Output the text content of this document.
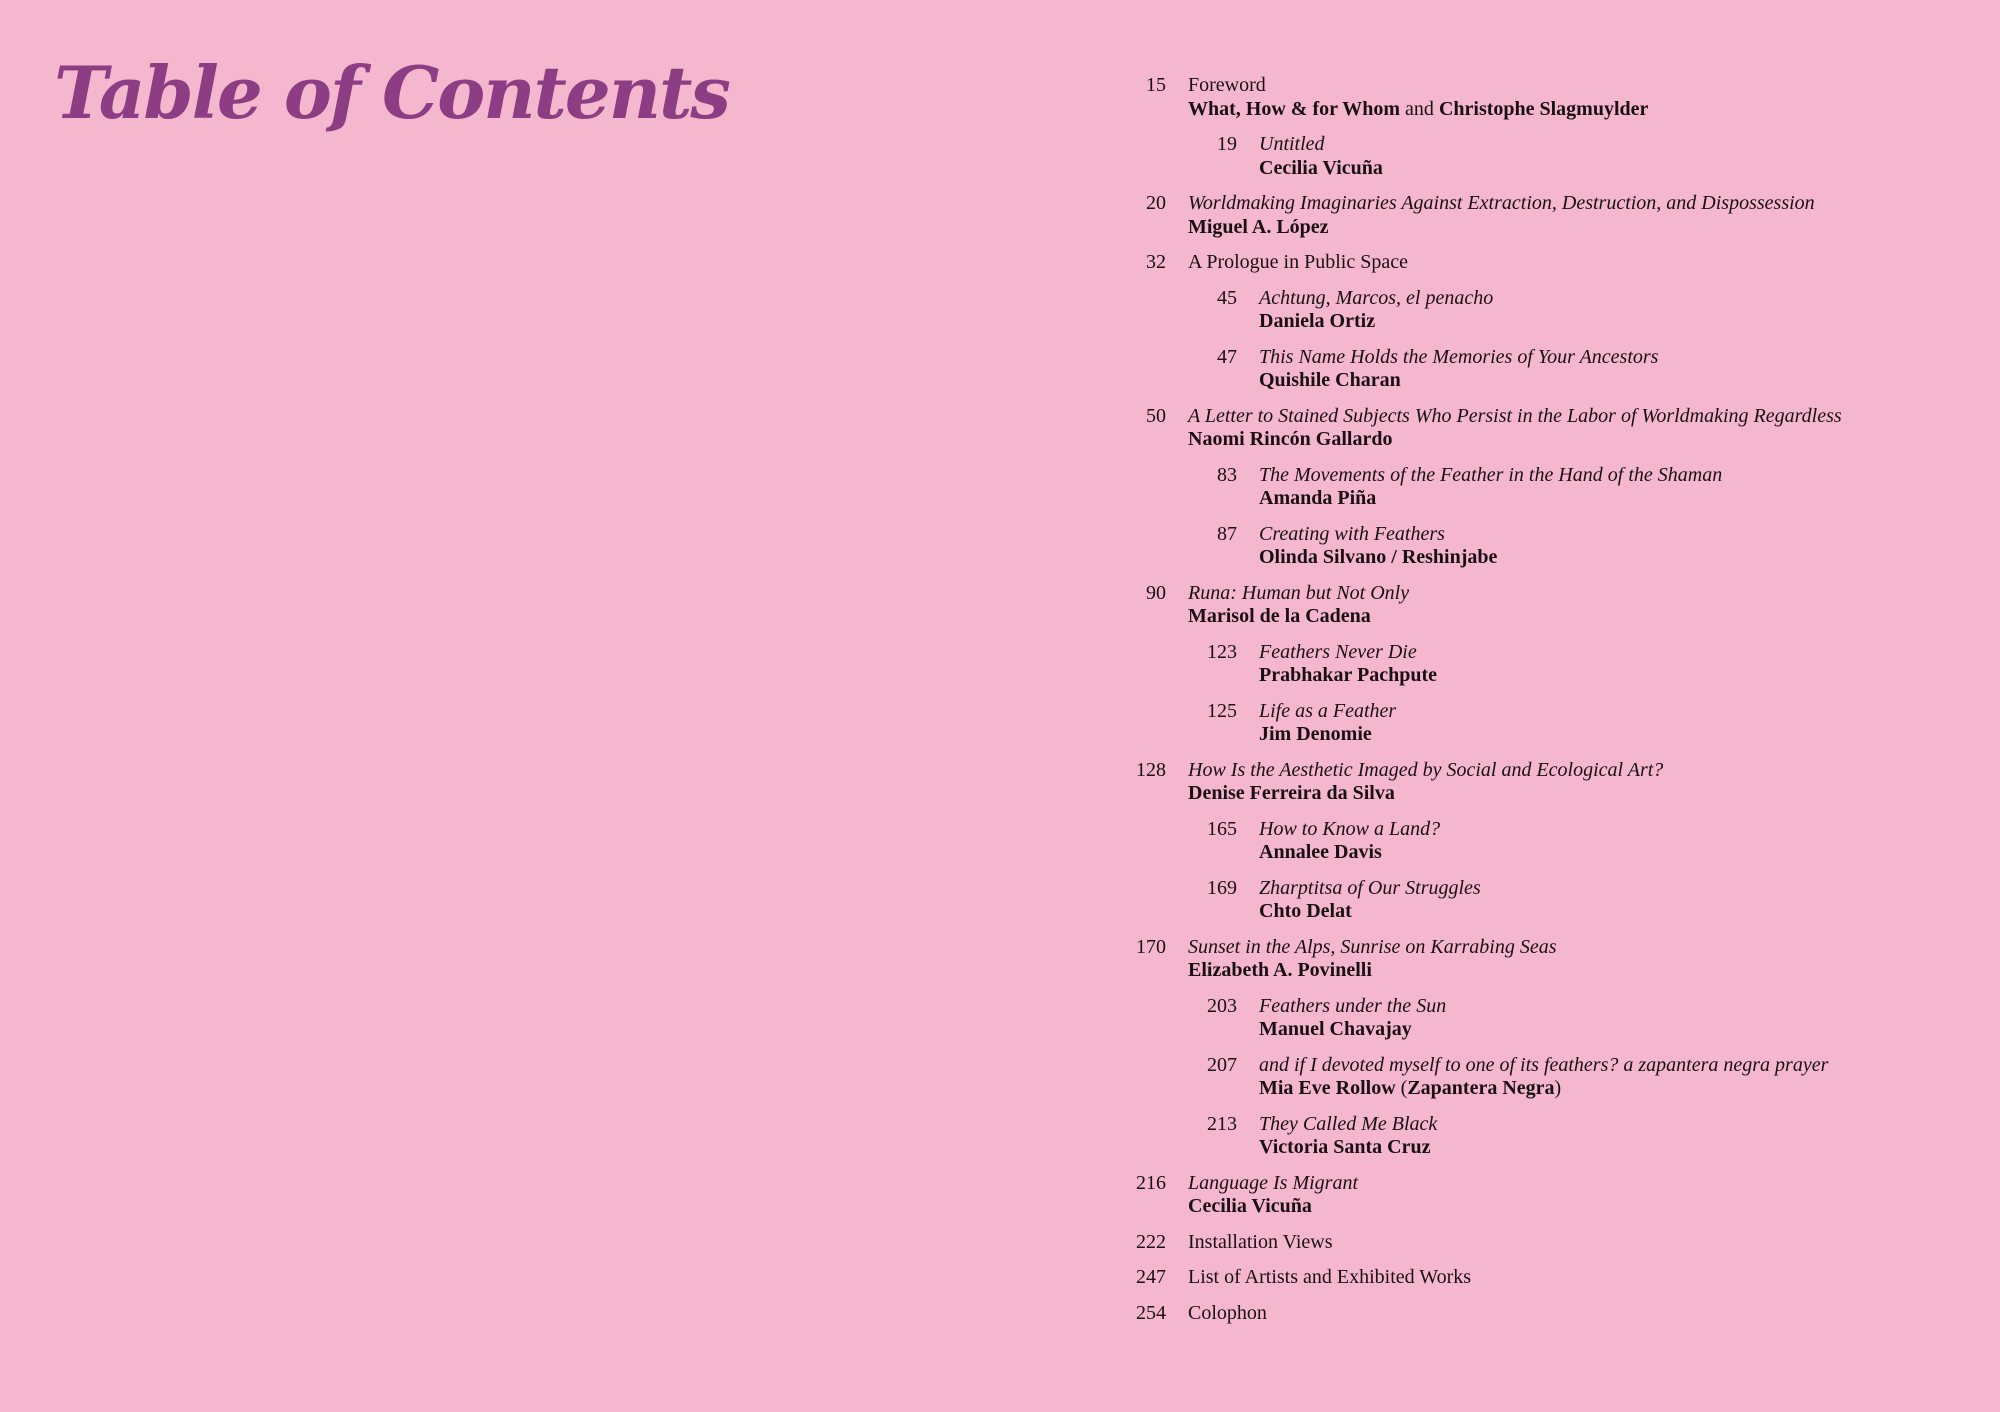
Table of Contents	15 Foreword
What, How & for Whom and Christophe Slagmuylder
19 Untitled
Cecilia Vicuña
20 Worldmaking Imaginaries Against Extraction, Destruction, and Dispossession
Miguel A. López
32 A Prologue in Public Space
45 Achtung, Marcos, el penacho
Daniela Ortiz
47 This Name Holds the Memories of Your Ancestors
Quishile Charan
50 A Letter to Stained Subjects Who Persist in the Labor of Worldmaking Regardless
Naomi Rincón Gallardo
83 The Movements of the Feather in the Hand of the Shaman
Amanda Piña
87 Creating with Feathers
Olinda Silvano / Reshinjabe
90 Runa: Human but Not Only
Marisol de la Cadena
123 Feathers Never Die
Prabhakar Pachpute
125 Life as a Feather
Jim Denomie
128 How Is the Aesthetic Imaged by Social and Ecological Art?
Denise Ferreira da Silva
165 How to Know a Land?
Annalee Davis
169 Zharptitsa of Our Struggles
Chto Delat
170 Sunset in the Alps, Sunrise on Karrabing Seas
Elizabeth A. Povinelli
203 Feathers under the Sun
Manuel Chavajay
207 and if I devoted myself to one of its feathers? a zapantera negra prayer
Mia Eve Rollow (Zapantera Negra)
213 They Called Me Black
Victoria Santa Cruz
216 Language Is Migrant
Cecilia Vicuña
222 Installation Views
247 List of Artists and Exhibited Works
254 Colophon
